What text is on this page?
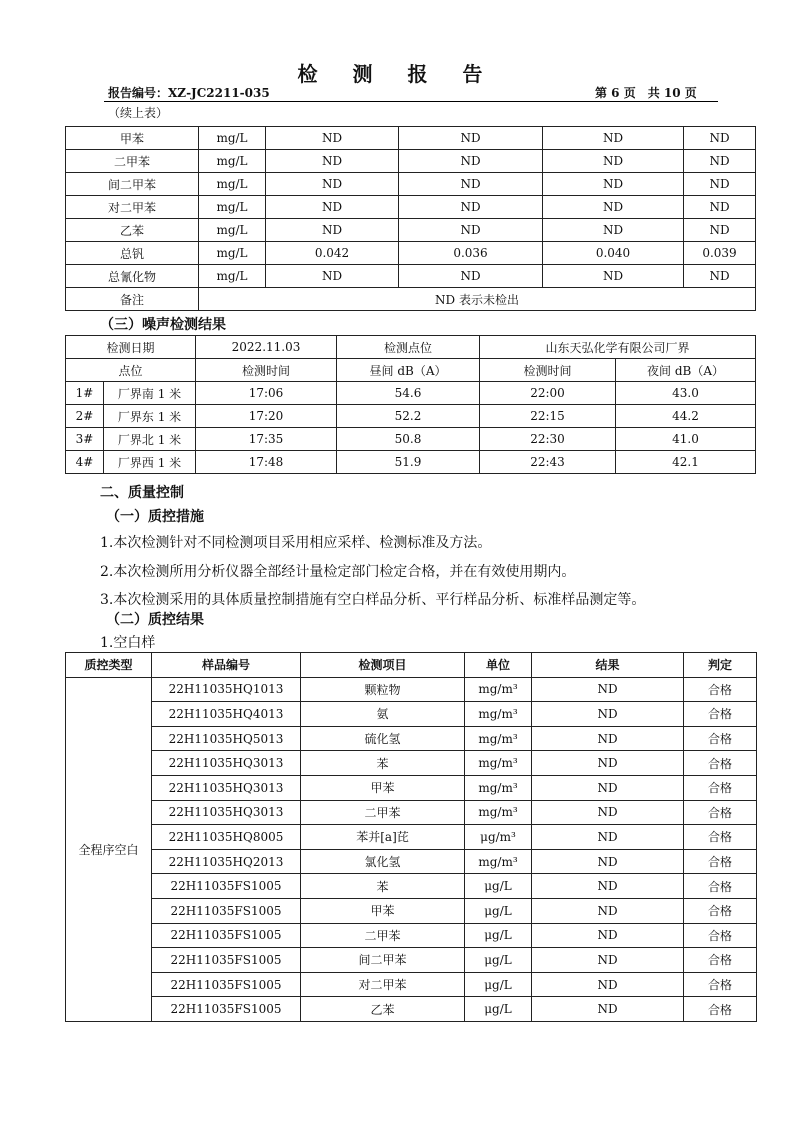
检 测 报 告
报告编号：XZ-JC2211-035	第 6 页　共 10 页
（续上表）
甲苯	mg/L	ND	ND	ND	ND
二甲苯	mg/L	ND	ND	ND	ND
间二甲苯	mg/L	ND	ND	ND	ND
对二甲苯	mg/L	ND	ND	ND	ND
乙苯	mg/L	ND	ND	ND	ND
总钒	mg/L	0.042	0.036	0.040	0.039
总氰化物	mg/L	ND	ND	ND	ND
备注	ND 表示未检出				
（三）噪声检测结果
检测日期		2022.11.03	检测点位	山东天弘化学有限公司厂界	
点位		检测时间	昼间 dB（A）	检测时间	夜间 dB（A）
1#	厂界南 1 米	17:06	54.6	22:00	43.0
2#	厂界东 1 米	17:20	52.2	22:15	44.2
3#	厂界北 1 米	17:35	50.8	22:30	41.0
4#	厂界西 1 米	17:48	51.9	22:43	42.1
二、质量控制
（一）质控措施
1.本次检测针对不同检测项目采用相应采样、检测标准及方法。
2.本次检测所用分析仪器全部经计量检定部门检定合格，并在有效使用期内。
3.本次检测采用的具体质量控制措施有空白样品分析、平行样品分析、标准样品测定等。
（二）质控结果
1.空白样
质控类型	样品编号	检测项目	单位	结果	判定
全程序空白	22H11035HQ1013	颗粒物	mg/m³	ND	合格
	22H11035HQ4013	氨	mg/m³	ND	合格
	22H11035HQ5013	硫化氢	mg/m³	ND	合格
	22H11035HQ3013	苯	mg/m³	ND	合格
	22H11035HQ3013	甲苯	mg/m³	ND	合格
	22H11035HQ3013	二甲苯	mg/m³	ND	合格
	22H11035HQ8005	苯并[a]芘	μg/m³	ND	合格
	22H11035HQ2013	氯化氢	mg/m³	ND	合格
	22H11035FS1005	苯	μg/L	ND	合格
	22H11035FS1005	甲苯	μg/L	ND	合格
	22H11035FS1005	二甲苯	μg/L	ND	合格
	22H11035FS1005	间二甲苯	μg/L	ND	合格
	22H11035FS1005	对二甲苯	μg/L	ND	合格
	22H11035FS1005	乙苯	μg/L	ND	合格
